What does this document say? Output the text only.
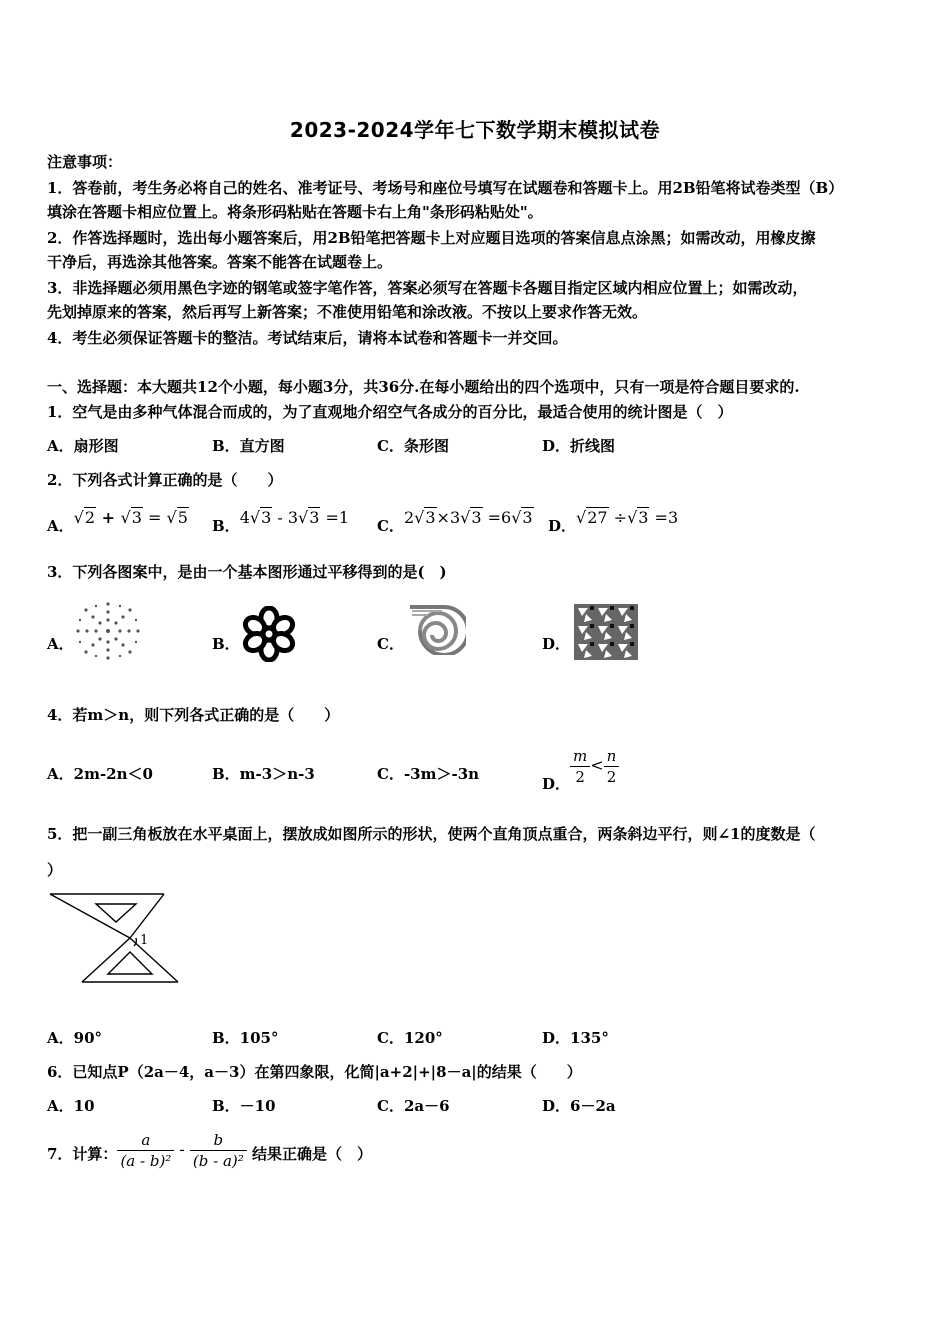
2023-2024学年七下数学期末模拟试卷
注意事项：
1．答卷前，考生务必将自己的姓名、准考证号、考场号和座位号填写在试题卷和答题卡上。用2B铅笔将试卷类型（B）
填涂在答题卡相应位置上。将条形码粘贴在答题卡右上角"条形码粘贴处"。
2．作答选择题时，选出每小题答案后，用2B铅笔把答题卡上对应题目选项的答案信息点涂黑；如需改动，用橡皮擦
干净后，再选涂其他答案。答案不能答在试题卷上。
3．非选择题必须用黑色字迹的钢笔或签字笔作答，答案必须写在答题卡各题目指定区域内相应位置上；如需改动，
先划掉原来的答案，然后再写上新答案；不准使用铅笔和涂改液。不按以上要求作答无效。
4．考生必须保证答题卡的整洁。考试结束后，请将本试卷和答题卡一并交回。
一、选择题：本大题共12个小题，每小题3分，共36分.在每小题给出的四个选项中，只有一项是符合题目要求的.
1．空气是由多种气体混合而成的，为了直观地介绍空气各成分的百分比，最适合使用的统计图是（　）
A．扇形图	B．直方图	C．条形图	D．折线图
2．下列各式计算正确的是（　　）
A．√2 + √3 = √5 B．4√3 - 3√3 =1 C．2√3×3√3 =6√3 D．√27 ÷√3 =3
3．下列各图案中，是由一个基本图形通过平移得到的是(　)
A．	B．	C．	D．
4．若m＞n，则下列各式正确的是（　　）
A．2m-2n＜0	B．m-3＞n-3	C．-3m＞-3n
D． $\frac{m}{2} < \frac{n}{2}$
5．把一副三角板放在水平桌面上，摆放成如图所示的形状，使两个直角顶点重合，两条斜边平行，则∠1的度数是（
）
1
A．90°	B．105°	C．120°	D．135°
6．已知点P（2a－4，a－3）在第四象限，化简|a+2|+|8－a|的结果（　　）
A．10	B．－10	C．2a－6	D．6－2a
7．计算： $\frac{a}{\text{(a - b)²}} - \frac{b}{\text{(b - a)²}}$ 结果正确是（　）
